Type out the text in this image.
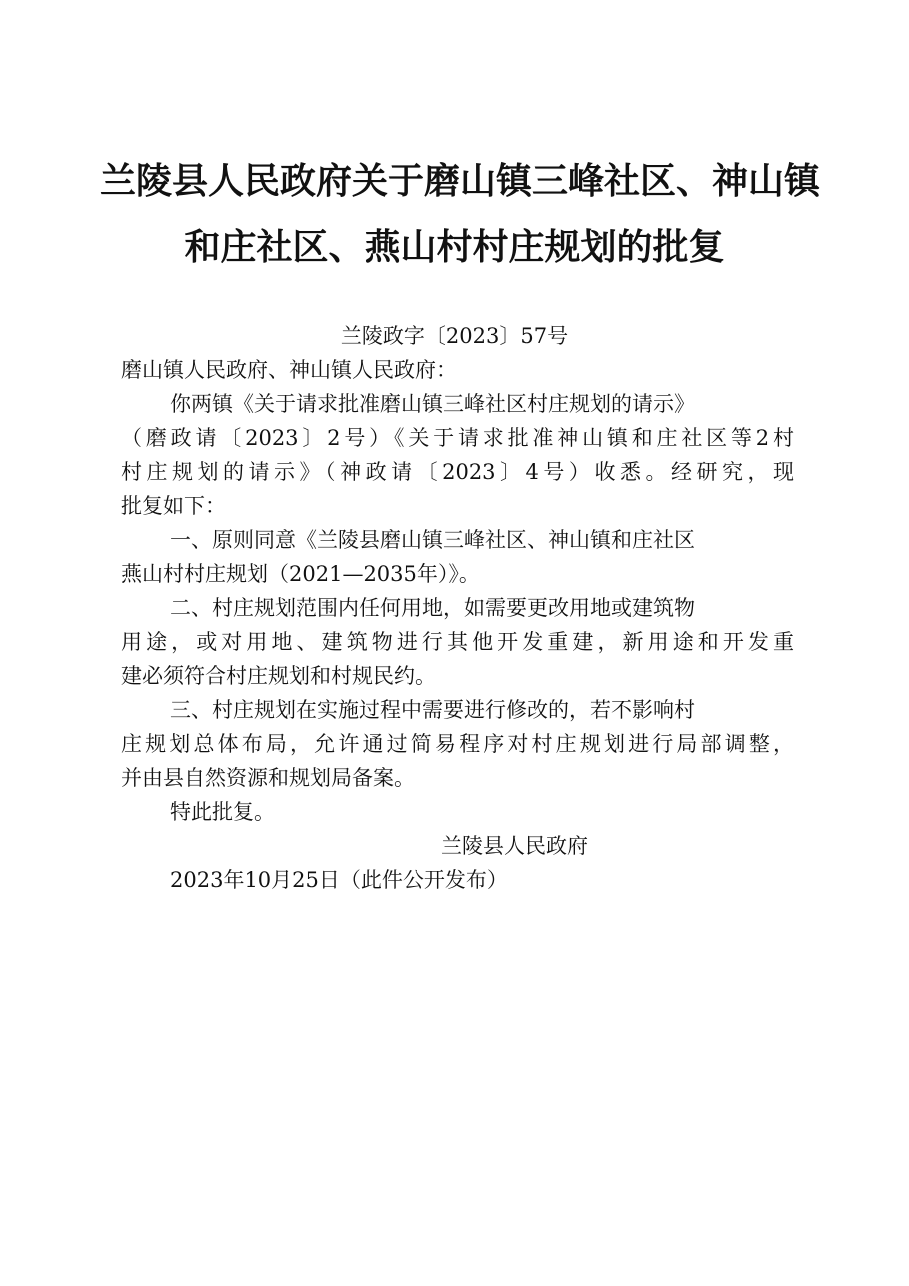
兰陵县人民政府关于磨山镇三峰社区、神山镇
和庄社区、燕山村村庄规划的批复
兰陵政字〔2023〕57号
磨山镇人民政府、神山镇人民政府：
你两镇《关于请求批准磨山镇三峰社区村庄规划的请示》
（磨政请〔2023〕2号）《关于请求批准神山镇和庄社区等2村
村庄规划的请示》（神政请〔2023〕4号）收悉。经研究，现
批复如下：
一、原则同意《兰陵县磨山镇三峰社区、神山镇和庄社区
燕山村村庄规划（2021—2035年）》。
二、村庄规划范围内任何用地，如需要更改用地或建筑物
用途，或对用地、建筑物进行其他开发重建，新用途和开发重
建必须符合村庄规划和村规民约。
三、村庄规划在实施过程中需要进行修改的，若不影响村
庄规划总体布局，允许通过简易程序对村庄规划进行局部调整，
并由县自然资源和规划局备案。
特此批复。
兰陵县人民政府
2023年10月25日（此件公开发布）
